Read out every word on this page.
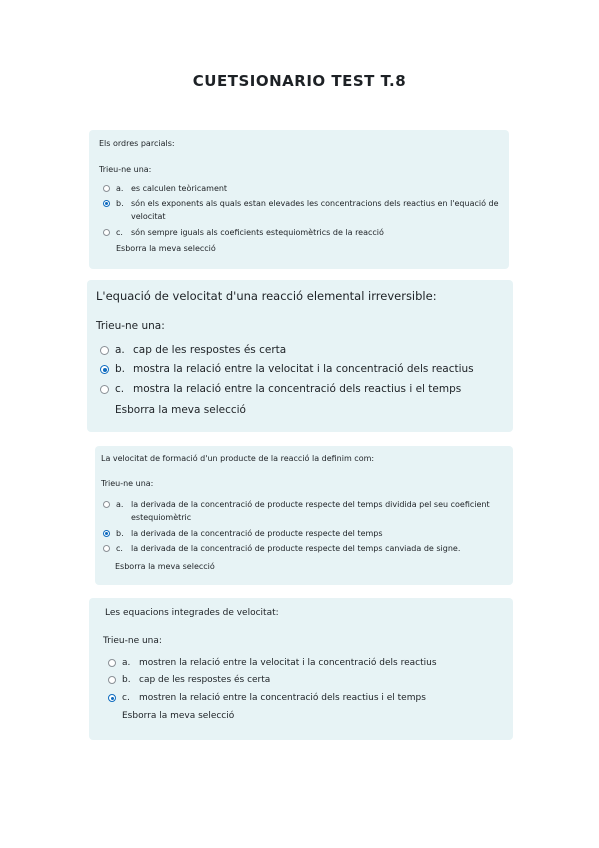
CUETSIONARIO TEST T.8
Els ordres parcials:
Trieu-ne una:
a. es calculen teòricament
b. són els exponents als quals estan elevades les concentracions dels reactius en l'equació de velocitat
c.	són sempre iguals als coeficients estequiomètrics de la reacció
Esborra la meva selecció
L'equació de velocitat d'una reacció elemental irreversible:
Trieu-ne una:
a. cap de les respostes és certa
b. mostra la relació entre la velocitat i la concentració dels reactius
c. mostra la relació entre la concentració dels reactius i el temps
Esborra la meva selecció
La velocitat de formació d'un producte de la reacció la definim com:
Trieu-ne una:
a. la derivada de la concentració de producte respecte del temps dividida pel seu coeficient estequiomètric
b. la derivada de la concentració de producte respecte del temps
c.	la derivada de la concentració de producte respecte del temps canviada de signe.
Esborra la meva selecció
Les equacions integrades de velocitat:
Trieu-ne una:
a. mostren la relació entre la velocitat i la concentració dels reactius
b. cap de les respostes és certa
c.	mostren la relació entre la concentració dels reactius i el temps
Esborra la meva selecció
